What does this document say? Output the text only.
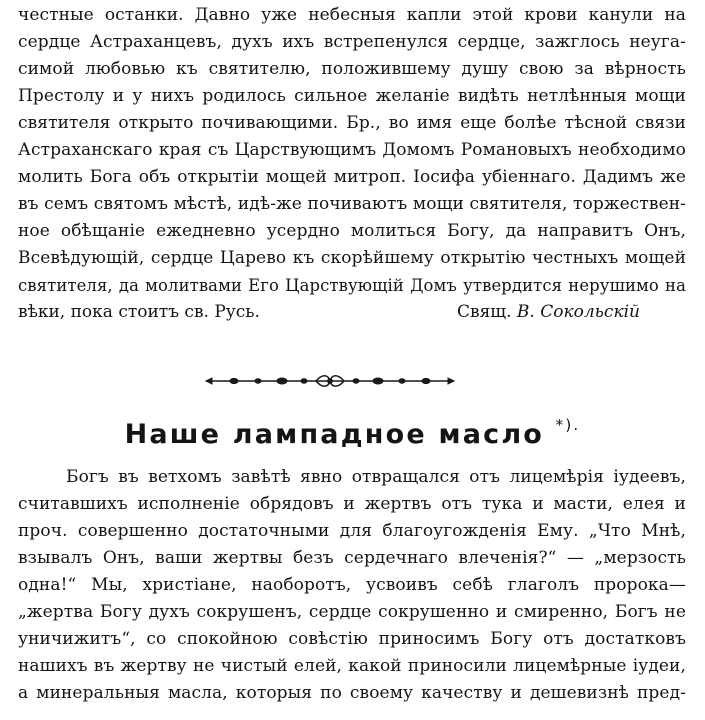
честные останки. Давно уже небесныя капли этой крови канули на
сердце Астраханцевъ, духъ ихъ встрепенулся сердце, зажглось неуга-
симой любовью къ святителю, положившему душу свою за вѣрность
Престолу и у нихъ родилось сильное желаніе видѣть нетлѣнныя мощи
святителя открыто почивающими. Бр., во имя еще болѣе тѣсной связи
Астраханскаго края съ Царствующимъ Домомъ Романовыхъ необходимо
молить Бога объ открытіи мощей митроп. Іосифа убіеннаго. Дадимъ же
въ семъ святомъ мѣстѣ, идѣ-же почиваютъ мощи святителя, торжествен-
ное обѣщаніе ежедневно усердно молиться Богу, да направитъ Онъ,
Всевѣдующій, сердце Царево къ скорѣйшему открытію честныхъ мощей
святителя, да молитвами Его Царствующій Домъ утвердится нерушимо на
вѣки, пока стоитъ св. Русь.	Свящ. В. Сокольскій
Наше лампадное масло *).
Богъ въ ветхомъ завѣтѣ явно отвращался отъ лицемѣрія іудеевъ,
считавшихъ исполненіе обрядовъ и жертвъ отъ тука и масти, елея и
проч. совершенно достаточными для благоугожденія Ему. „Что Мнѣ,
взывалъ Онъ, ваши жертвы безъ сердечнаго влеченія?“ — „мерзость
одна!“ Мы, христіане, наоборотъ, усвоивъ себѣ глаголъ пророка—
„жертва Богу духъ сокрушенъ, сердце сокрушенно и смиренно, Богъ не
уничижитъ“, со спокойною совѣстію приносимъ Богу отъ достатковъ
нашихъ въ жертву не чистый елей, какой приносили лицемѣрные іудеи,
а минеральныя масла, которыя по своему качеству и дешевизнѣ пред-
